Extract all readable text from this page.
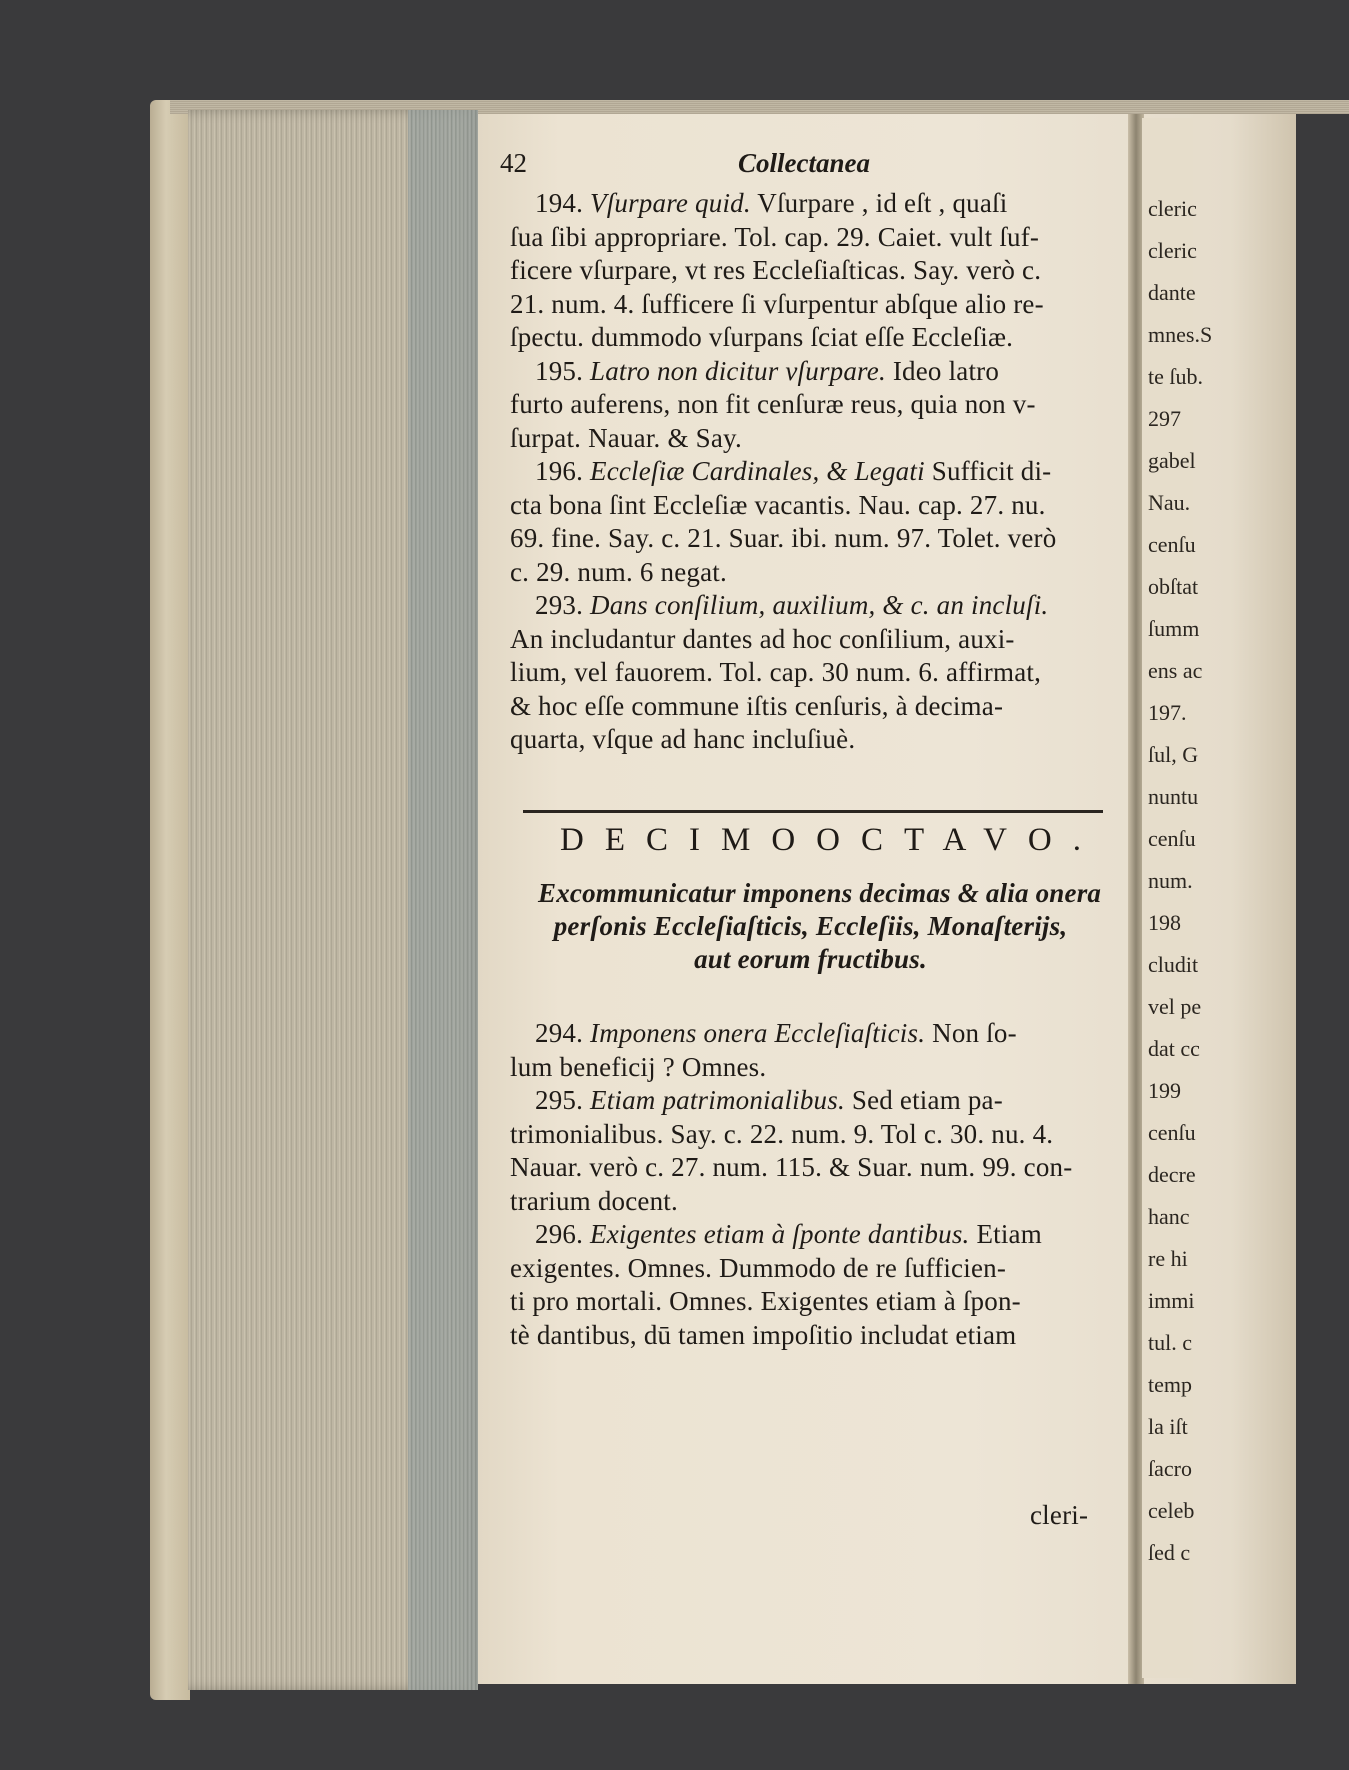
cleric
cleric
dante
mnes.S
te ſub.
297
gabel
Nau.
cenſu
obſtat
ſumm
ens ac
197.
ſul, G
nuntu
cenſu
num.
198
cludit
vel pe
dat cc
199
cenſu
decre
hanc
re hi
immi
tul. c
temp
la iſt
ſacro
celeb
ſed c
42	Collectanea
194. Vſurpare quid. Vſurpare , id eſt , quaſi
ſua ſibi appropriare. Tol. cap. 29. Caiet. vult ſuf-
ficere vſurpare, vt res Eccleſiaſticas. Say. verò c.
21. num. 4. ſufficere ſi vſurpentur abſque alio re-
ſpectu. dummodo vſurpans ſciat eſſe Eccleſiæ.
195. Latro non dicitur vſurpare. Ideo latro
furto auferens, non fit cenſuræ reus, quia non v-
ſurpat. Nauar. & Say.
196. Eccleſiæ Cardinales, & Legati Sufficit di-
cta bona ſint Eccleſiæ vacantis. Nau. cap. 27. nu.
69. fine. Say. c. 21. Suar. ibi. num. 97. Tolet. verò
c. 29. num. 6 negat.
293. Dans conſilium, auxilium, & c. an incluſi.
An includantur dantes ad hoc conſilium, auxi-
lium, vel fauorem. Tol. cap. 30 num. 6. affirmat,
& hoc eſſe commune iſtis cenſuris, à decima-
quarta, vſque ad hanc incluſiuè.
DECIMOOCTAVO.
Excommunicatur imponens decimas & alia onera
perſonis Eccleſiaſticis, Eccleſiis, Monaſterijs,
aut eorum fructibus.
294. Imponens onera Eccleſiaſticis. Non ſo-
lum beneficij ? Omnes.
295. Etiam patrimonialibus. Sed etiam pa-
trimonialibus. Say. c. 22. num. 9. Tol c. 30. nu. 4.
Nauar. verò c. 27. num. 115. & Suar. num. 99. con-
trarium docent.
296. Exigentes etiam à ſponte dantibus. Etiam
exigentes. Omnes. Dummodo de re ſufficien-
ti pro mortali. Omnes. Exigentes etiam à ſpon-
tè dantibus, dū tamen impoſitio includat etiam
cleri-
